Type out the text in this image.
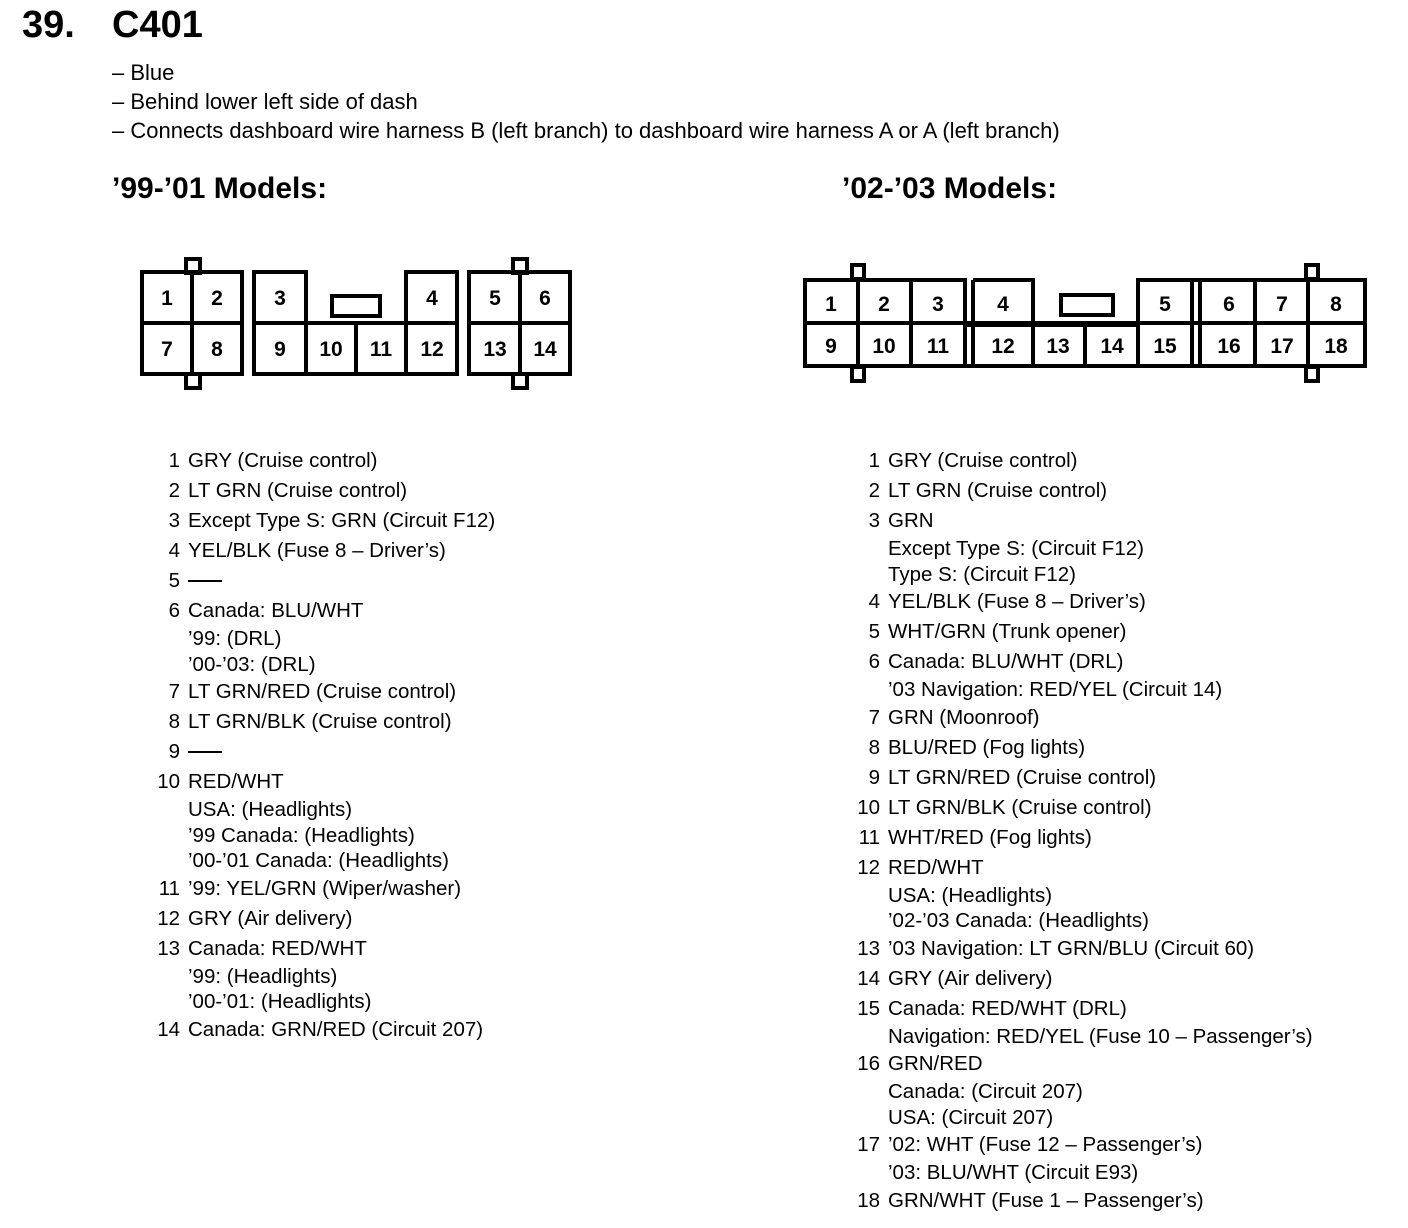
39. C401
– Blue
– Behind lower left side of dash
– Connects dashboard wire harness B (left branch) to dashboard wire harness A or A (left branch)
’99-’01 Models:	’02-’03 Models:
1 2 3	4 5 6
7 8 9 10 11 12 13 14
1 2 3	4	5 6 7 8
9 10 11 12 13 14 15 16 17 18
1 GRY (Cruise control)
2 LT GRN (Cruise control)
3 Except Type S: GRN (Circuit F12)
4 YEL/BLK (Fuse 8 – Driver’s)
5
6 Canada: BLU/WHT
’99: (DRL)
’00-’03: (DRL)
7 LT GRN/RED (Cruise control)
8 LT GRN/BLK (Cruise control)
9
10 RED/WHT
USA: (Headlights)
’99 Canada: (Headlights)
’00-’01 Canada: (Headlights)
11 ’99: YEL/GRN (Wiper/washer)
12 GRY (Air delivery)
13 Canada: RED/WHT
’99: (Headlights)
’00-’01: (Headlights)
14 Canada: GRN/RED (Circuit 207)
1 GRY (Cruise control)
2 LT GRN (Cruise control)
3 GRN
Except Type S: (Circuit F12)
Type S: (Circuit F12)
4 YEL/BLK (Fuse 8 – Driver’s)
5 WHT/GRN (Trunk opener)
6 Canada: BLU/WHT (DRL)
’03 Navigation: RED/YEL (Circuit 14)
7 GRN (Moonroof)
8 BLU/RED (Fog lights)
9 LT GRN/RED (Cruise control)
10 LT GRN/BLK (Cruise control)
11 WHT/RED (Fog lights)
12 RED/WHT
USA: (Headlights)
’02-’03 Canada: (Headlights)
13 ’03 Navigation: LT GRN/BLU (Circuit 60)
14 GRY (Air delivery)
15 Canada: RED/WHT (DRL)
Navigation: RED/YEL (Fuse 10 – Passenger’s)
16 GRN/RED
Canada: (Circuit 207)
USA: (Circuit 207)
17 ’02: WHT (Fuse 12 – Passenger’s)
’03: BLU/WHT (Circuit E93)
18 GRN/WHT (Fuse 1 – Passenger’s)
